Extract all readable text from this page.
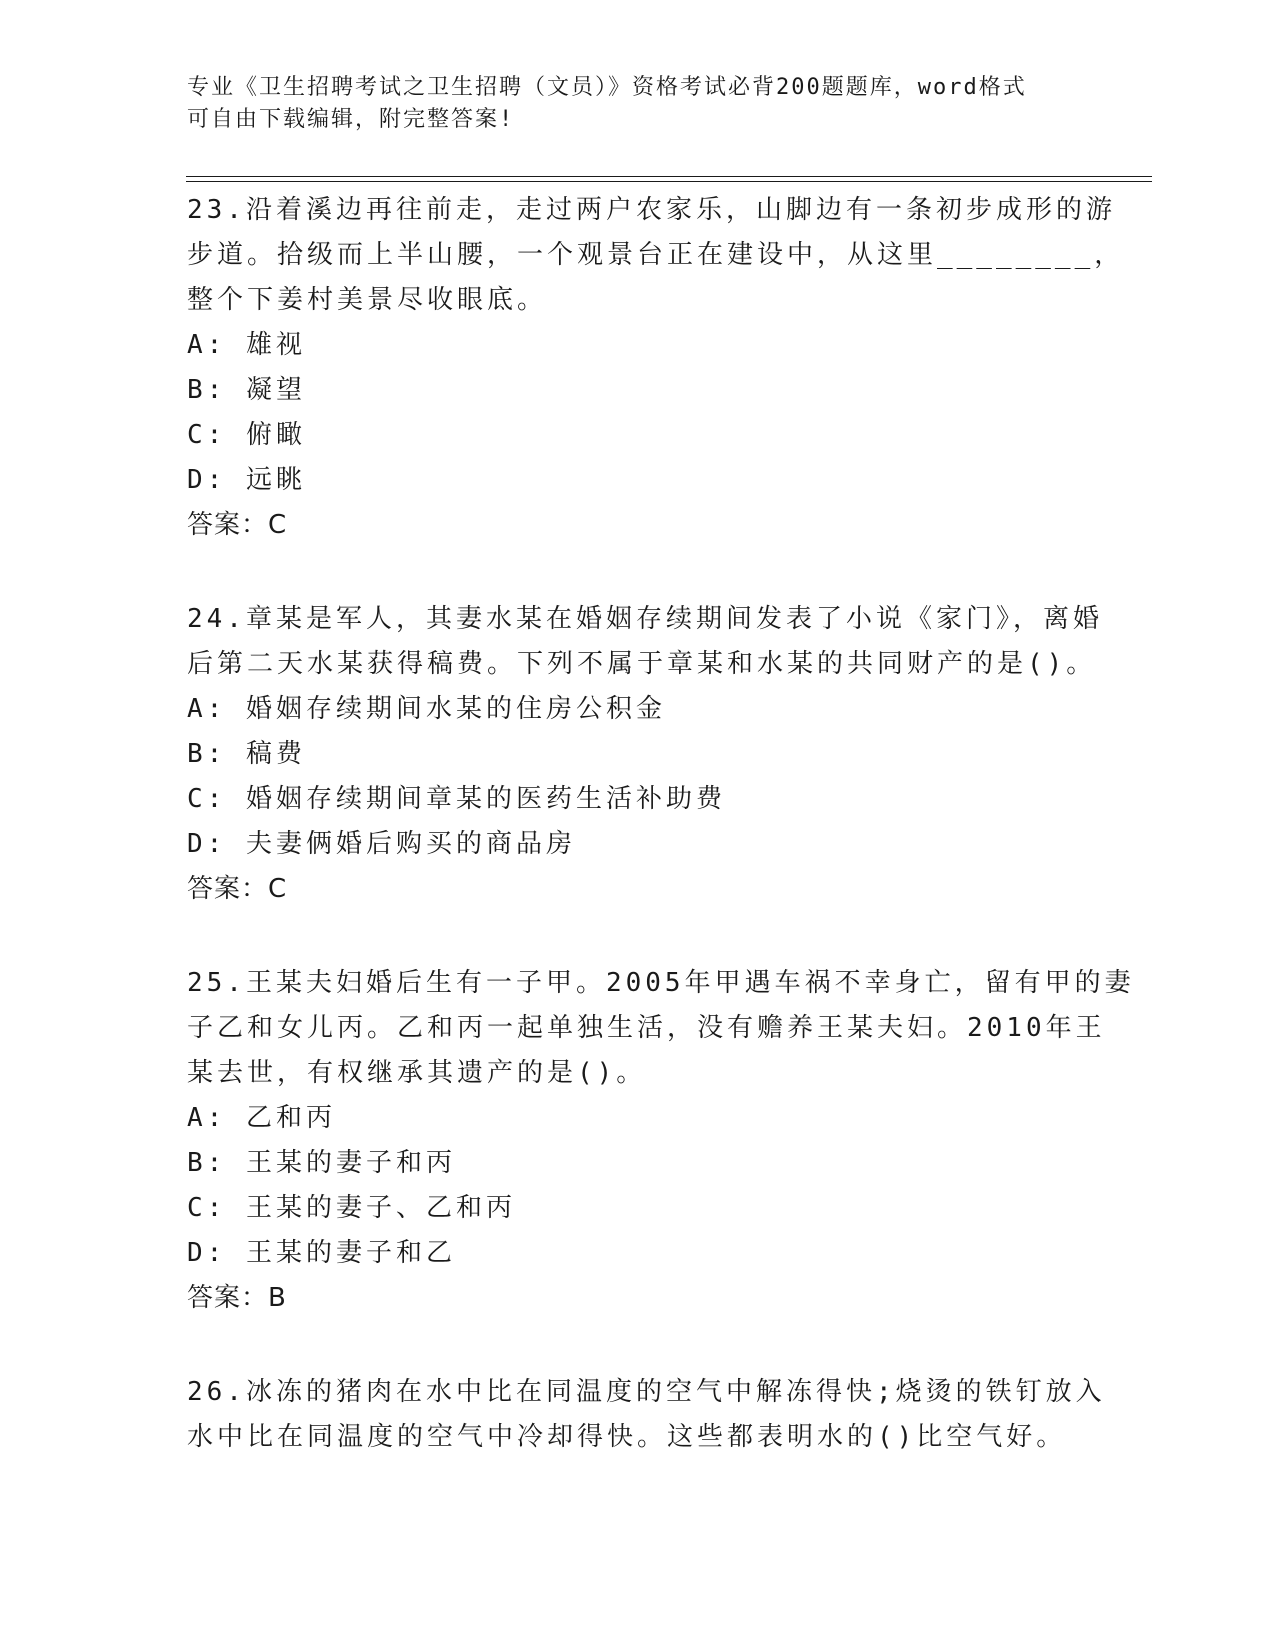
专业《卫生招聘考试之卫生招聘（文员）》资格考试必背200题题库，word格式
可自由下载编辑，附完整答案!
23.沿着溪边再往前走，走过两户农家乐，山脚边有一条初步成形的游
步道。拾级而上半山腰，一个观景台正在建设中，从这里________，
整个下姜村美景尽收眼底。
A: 雄视
B: 凝望
C: 俯瞰
D: 远眺
答案：C
24.章某是军人，其妻水某在婚姻存续期间发表了小说《家门》，离婚
后第二天水某获得稿费。下列不属于章某和水某的共同财产的是()。
A: 婚姻存续期间水某的住房公积金
B: 稿费
C: 婚姻存续期间章某的医药生活补助费
D: 夫妻俩婚后购买的商品房
答案：C
25.王某夫妇婚后生有一子甲。2005年甲遇车祸不幸身亡，留有甲的妻
子乙和女儿丙。乙和丙一起单独生活，没有赡养王某夫妇。2010年王
某去世，有权继承其遗产的是()。
A: 乙和丙
B: 王某的妻子和丙
C: 王某的妻子、乙和丙
D: 王某的妻子和乙
答案：B
26.冰冻的猪肉在水中比在同温度的空气中解冻得快;烧烫的铁钉放入
水中比在同温度的空气中冷却得快。这些都表明水的()比空气好。
